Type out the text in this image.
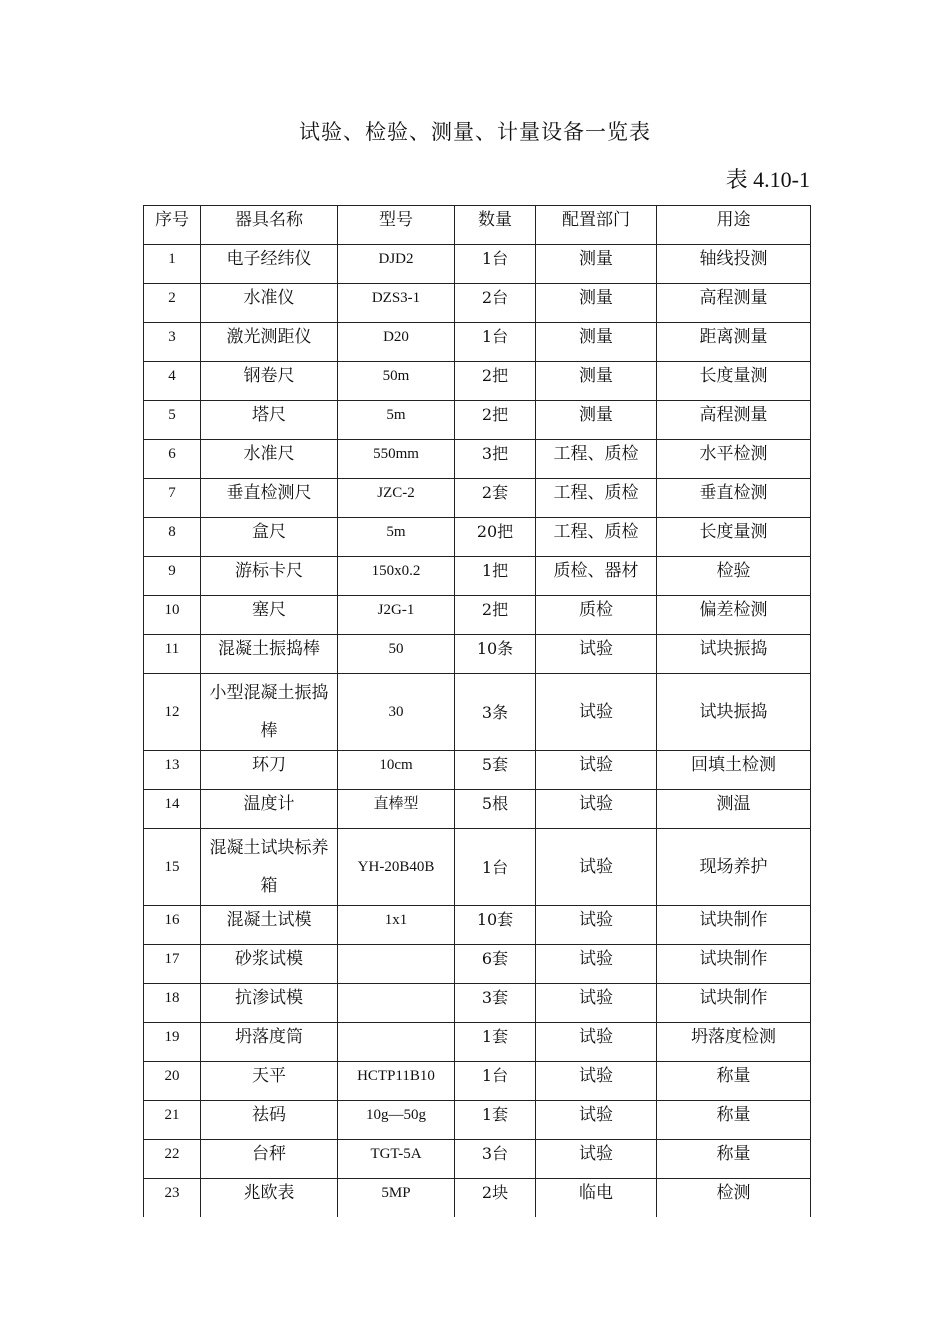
试验、检验、测量、计量设备一览表
表 4.10-1
序号	器具名称	型号	数量	配置部门	用途
1	电子经纬仪	DJD2	1台	测量	轴线投测
2	水准仪	DZS3-1	2台	测量	高程测量
3	激光测距仪	D20	1台	测量	距离测量
4	钢卷尺	50m	2把	测量	长度量测
5	塔尺	5m	2把	测量	高程测量
6	水准尺	550mm	3把	工程、质检	水平检测
7	垂直检测尺	JZC-2	2套	工程、质检	垂直检测
8	盒尺	5m	20把	工程、质检	长度量测
9	游标卡尺	150x0.2	1把	质检、器材	检验
10	塞尺	J2G-1	2把	质检	偏差检测
11	混凝土振捣棒	50	10条	试验	试块振捣
12	小型混凝土振捣棒	30	3条	试验	试块振捣
13	环刀	10cm	5套	试验	回填土检测
14	温度计	直棒型	5根	试验	测温
15	混凝土试块标养箱	YH-20B40B	1台	试验	现场养护
16	混凝土试模	1x1	10套	试验	试块制作
17	砂浆试模		6套	试验	试块制作
18	抗渗试模		3套	试验	试块制作
19	坍落度筒		1套	试验	坍落度检测
20	天平	HCTP11B10	1台	试验	称量
21	祛码	10g—50g	1套	试验	称量
22	台秤	TGT-5A	3台	试验	称量
23	兆欧表	5MP	2块	临电	检测
